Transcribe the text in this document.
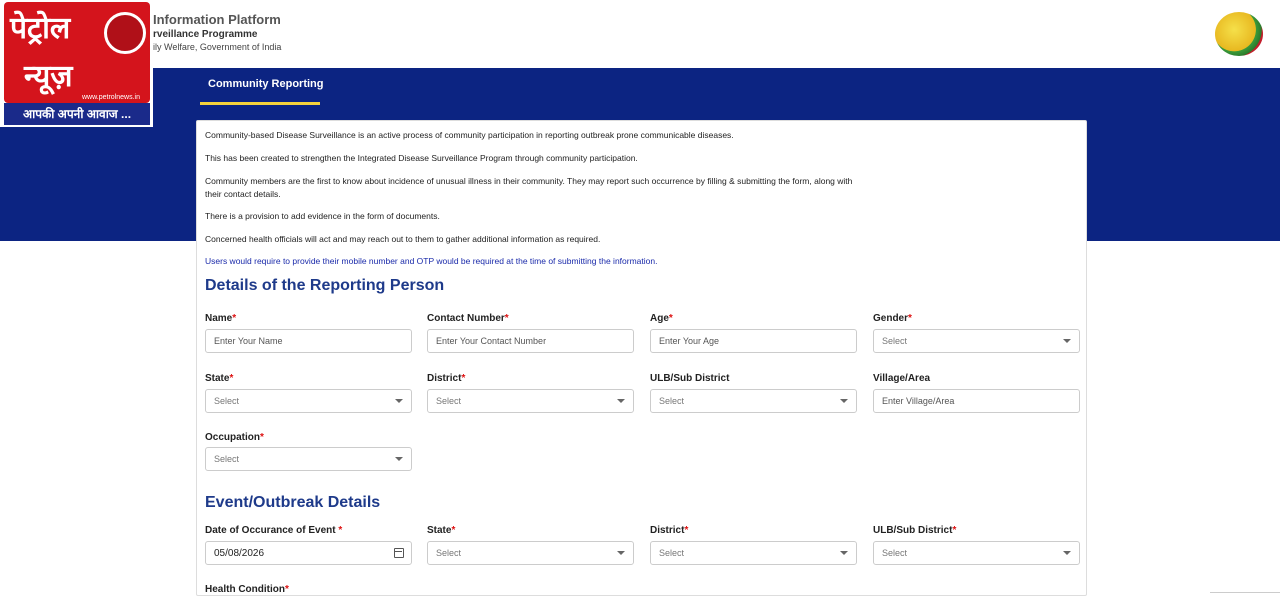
Information Platform
rveillance Programme
ily Welfare, Government of India
पेट्रोल
न्यूज़
www.petrolnews.in
आपकी अपनी आवाज ...
Community Reporting

Community-based Disease Surveillance is an active process of community participation in reporting outbreak prone communicable diseases.

This has been created to strengthen the Integrated Disease Surveillance Program through community participation.

Community members are the first to know about incidence of unusual illness in their community. They may report such occurrence by filling & submitting the form, along with their contact details.

There is a provision to add evidence in the form of documents.

Concerned health officials will act and may reach out to them to gather additional information as required.

Users would require to provide their mobile number and OTP would be required at the time of submitting the information.

Details of the Reporting Person
Name*
Enter Your Name
Contact Number*
Enter Your Contact Number
Age*
Enter Your Age
Gender*
Select
State*
Select
District*
Select
ULB/Sub District
Select
Village/Area
Enter Village/Area
Occupation*
Select
Event/Outbreak Details
Date of Occurance of Event *
05/08/2026
State*
Select
District*
Select
ULB/Sub District*
Select
Health Condition*
